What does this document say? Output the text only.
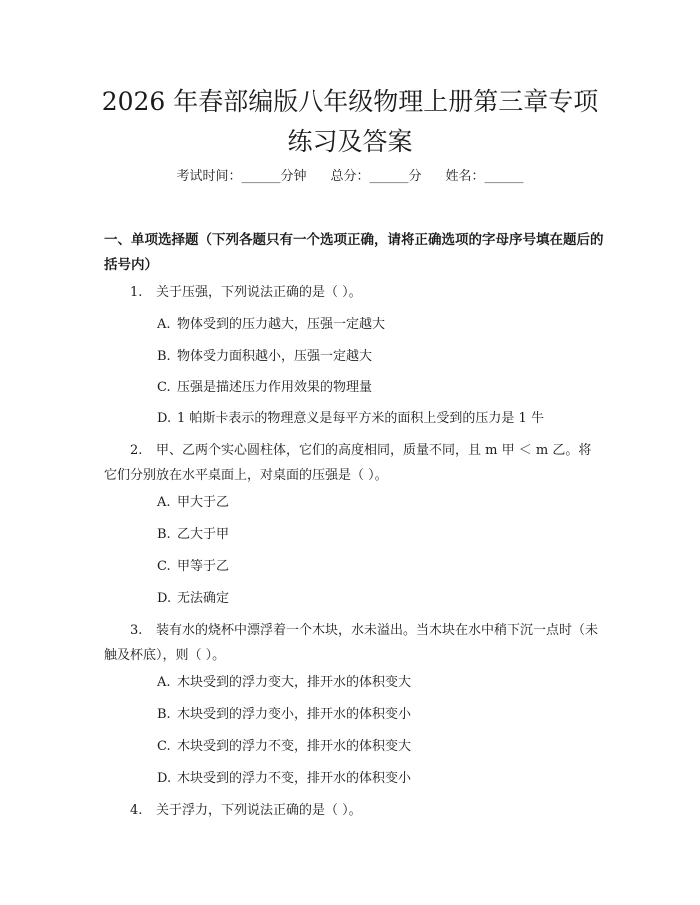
2026 年春部编版八年级物理上册第三章专项
练习及答案
考试时间：______分钟 总分：______分 姓名：______
一、单项选择题（下列各题只有一个选项正确，请将正确选项的字母序号填在题后的括号内）
1. 关于压强，下列说法正确的是（ ）。
A. 物体受到的压力越大，压强一定越大
B. 物体受力面积越小，压强一定越大
C. 压强是描述压力作用效果的物理量
D. 1 帕斯卡表示的物理意义是每平方米的面积上受到的压力是 1 牛
2. 甲、乙两个实心圆柱体，它们的高度相同，质量不同，且 m 甲 ＜ m 乙。将它们分别放在水平桌面上，对桌面的压强是（ ）。
A. 甲大于乙
B. 乙大于甲
C. 甲等于乙
D. 无法确定
3. 装有水的烧杯中漂浮着一个木块，水未溢出。当木块在水中稍下沉一点时（未触及杯底），则（ ）。
A. 木块受到的浮力变大，排开水的体积变大
B. 木块受到的浮力变小，排开水的体积变小
C. 木块受到的浮力不变，排开水的体积变大
D. 木块受到的浮力不变，排开水的体积变小
4. 关于浮力，下列说法正确的是（ ）。
